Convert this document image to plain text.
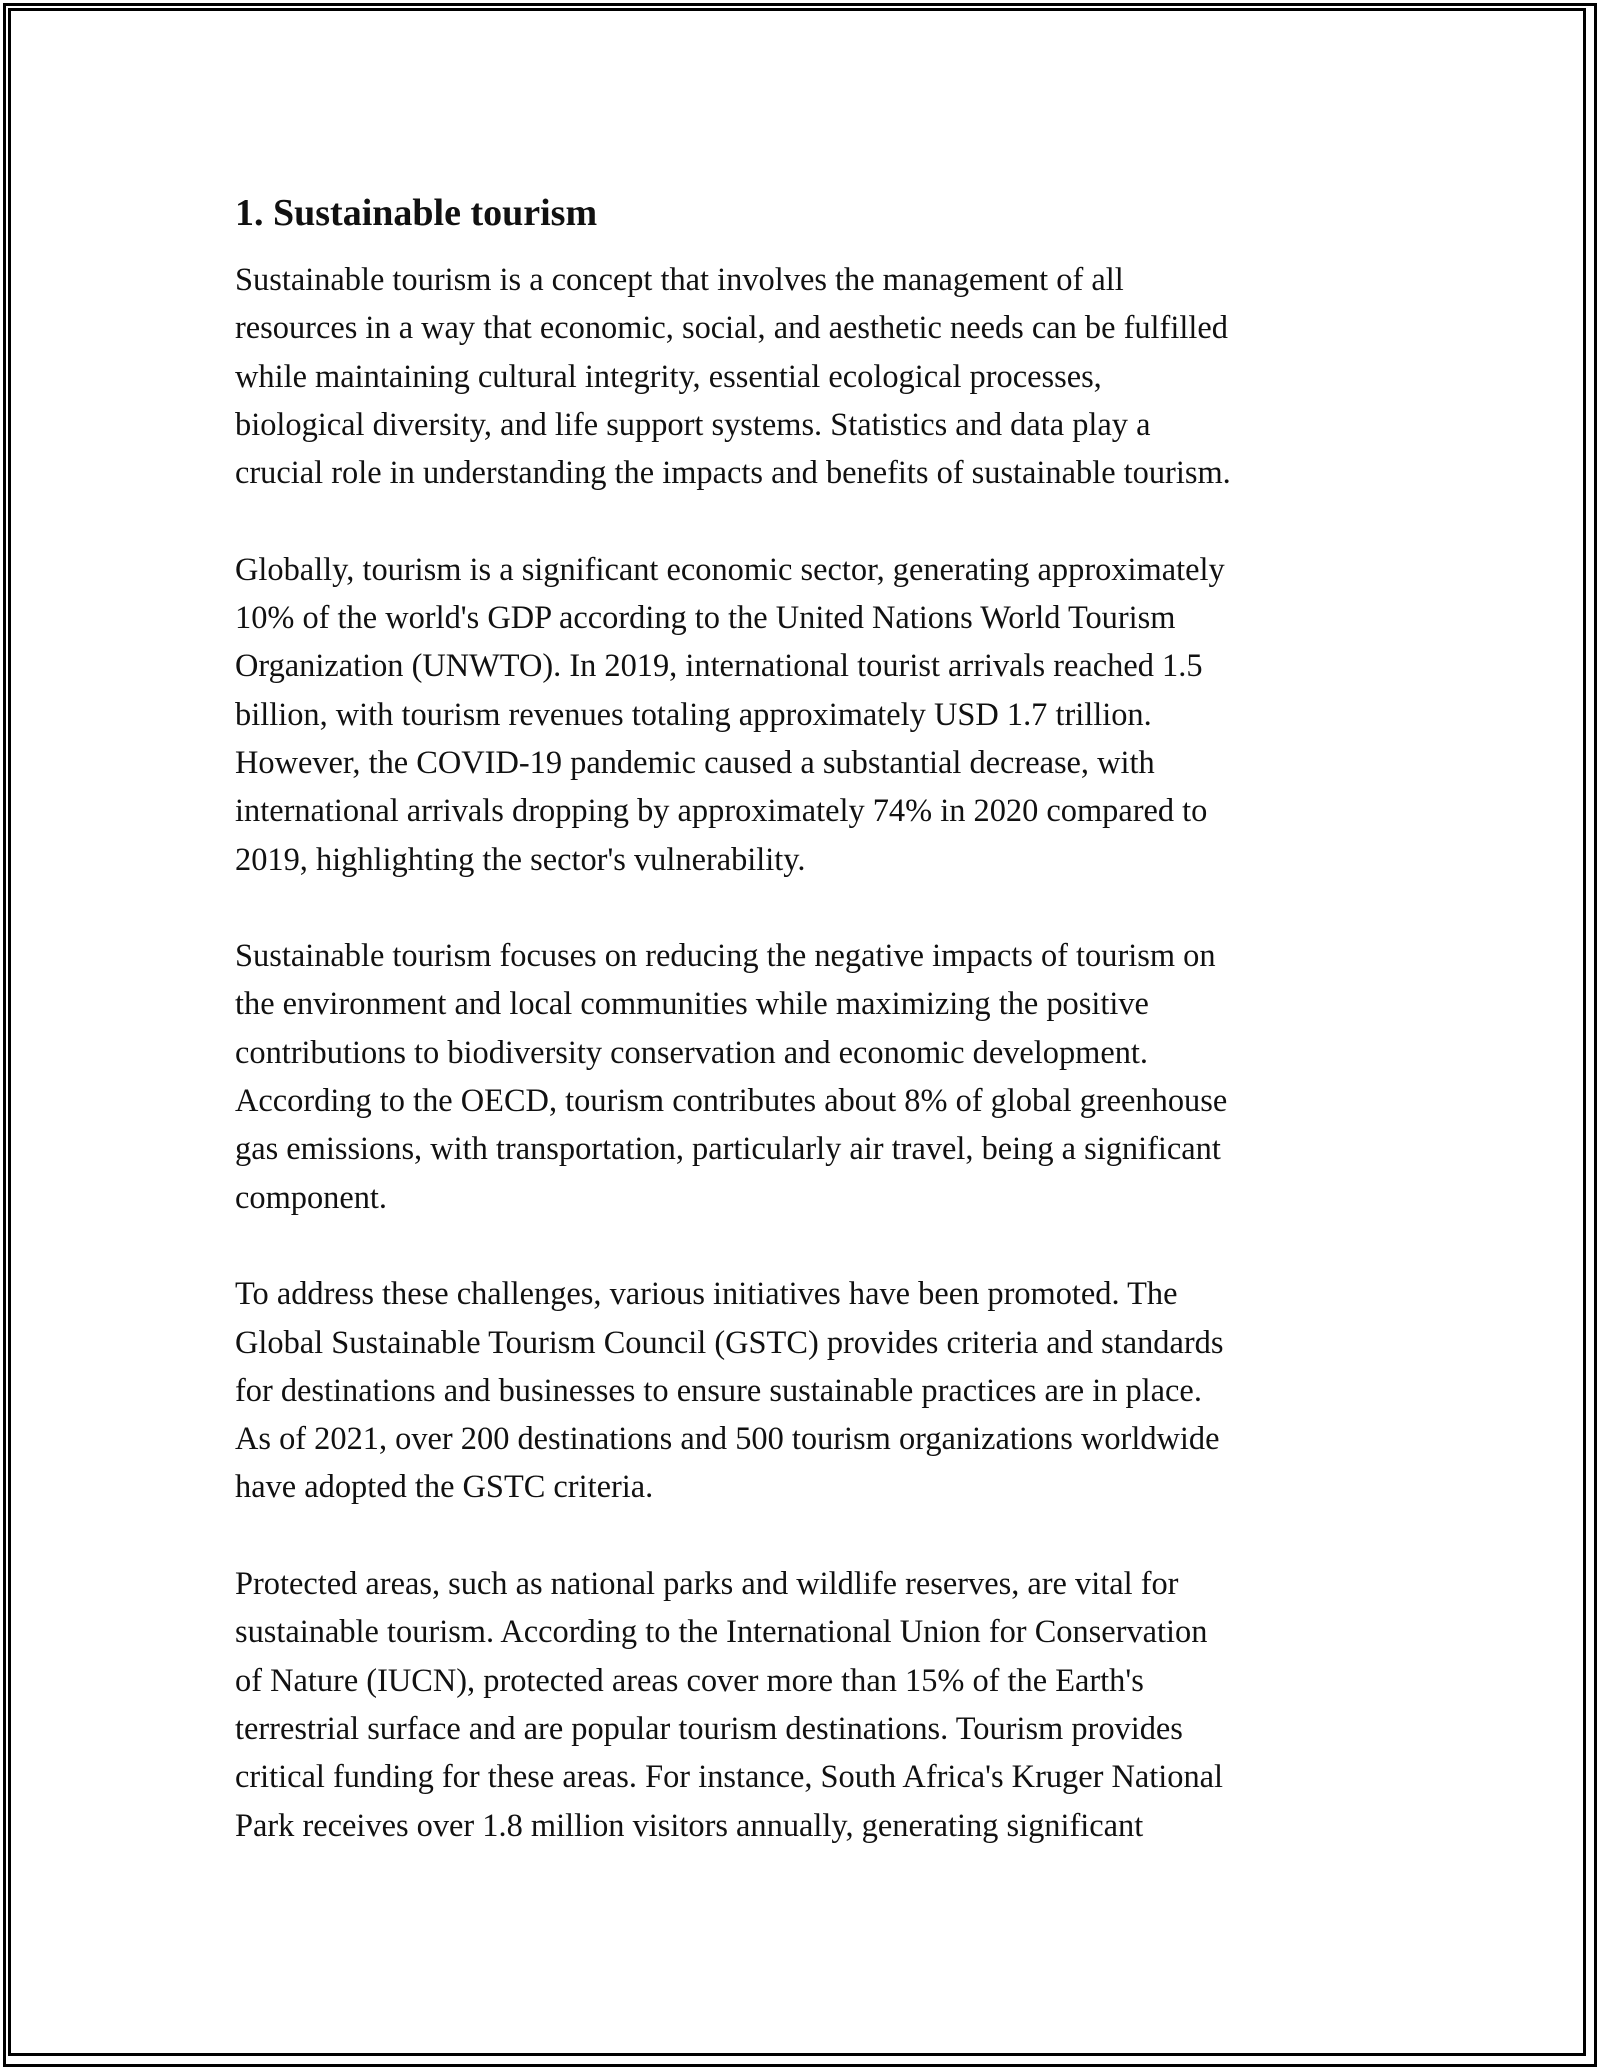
1. Sustainable tourism

Sustainable tourism is a concept that involves the management of all
resources in a way that economic, social, and aesthetic needs can be fulfilled
while maintaining cultural integrity, essential ecological processes,
biological diversity, and life support systems. Statistics and data play a
crucial role in understanding the impacts and benefits of sustainable tourism.

Globally, tourism is a significant economic sector, generating approximately
10% of the world's GDP according to the United Nations World Tourism
Organization (UNWTO). In 2019, international tourist arrivals reached 1.5
billion, with tourism revenues totaling approximately USD 1.7 trillion.
However, the COVID-19 pandemic caused a substantial decrease, with
international arrivals dropping by approximately 74% in 2020 compared to
2019, highlighting the sector's vulnerability.

Sustainable tourism focuses on reducing the negative impacts of tourism on
the environment and local communities while maximizing the positive
contributions to biodiversity conservation and economic development.
According to the OECD, tourism contributes about 8% of global greenhouse
gas emissions, with transportation, particularly air travel, being a significant
component.

To address these challenges, various initiatives have been promoted. The
Global Sustainable Tourism Council (GSTC) provides criteria and standards
for destinations and businesses to ensure sustainable practices are in place.
As of 2021, over 200 destinations and 500 tourism organizations worldwide
have adopted the GSTC criteria.

Protected areas, such as national parks and wildlife reserves, are vital for
sustainable tourism. According to the International Union for Conservation
of Nature (IUCN), protected areas cover more than 15% of the Earth's
terrestrial surface and are popular tourism destinations. Tourism provides
critical funding for these areas. For instance, South Africa's Kruger National
Park receives over 1.8 million visitors annually, generating significant
